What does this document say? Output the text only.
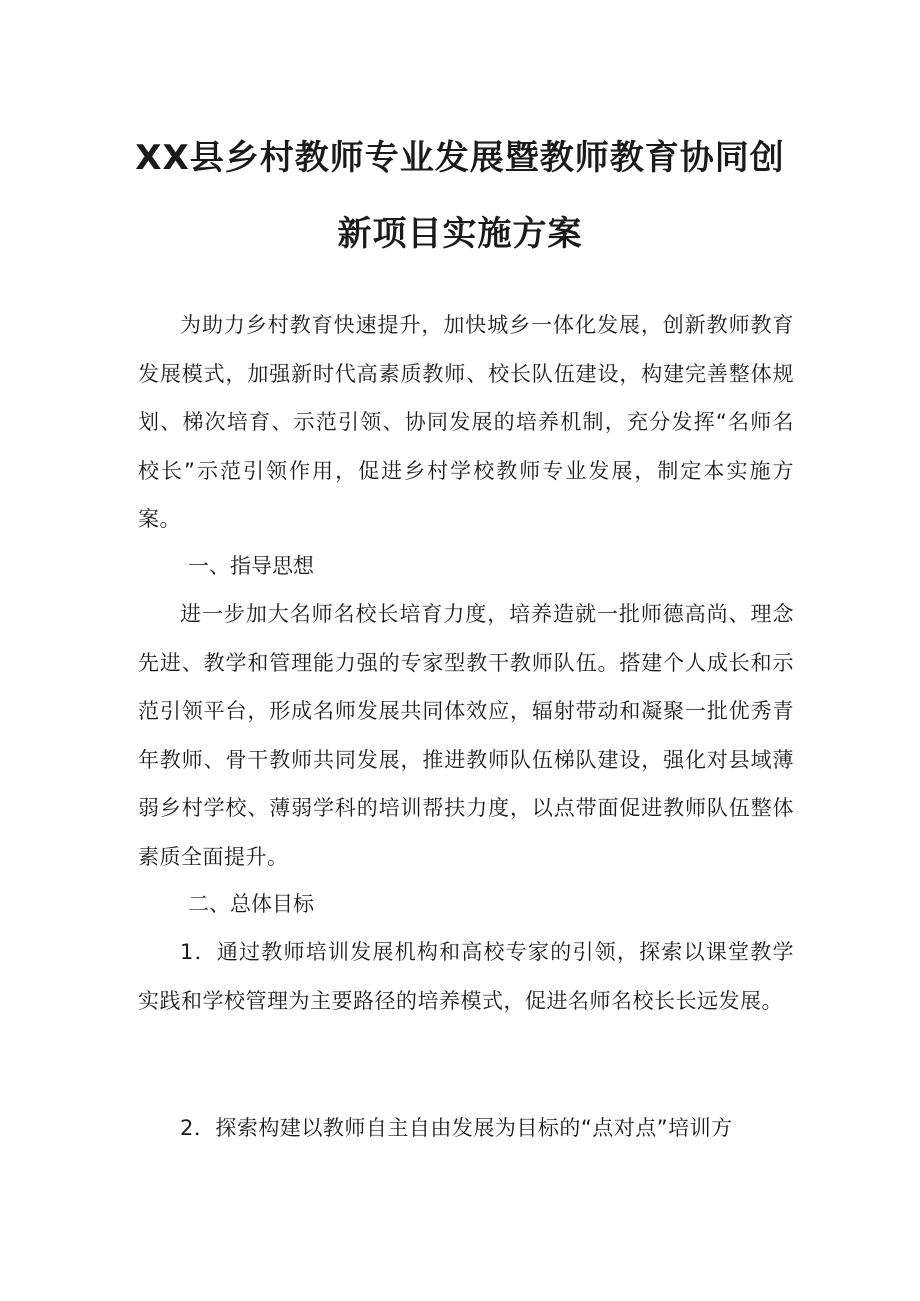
XX县乡村教师专业发展暨教师教育协同创
新项目实施方案

为助力乡村教育快速提升，加快城乡一体化发展，创新教师教育发展模式，加强新时代高素质教师、校长队伍建设，构建完善整体规划、梯次培育、示范引领、协同发展的培养机制，充分发挥“名师名校长”示范引领作用，促进乡村学校教师专业发展，制定本实施方案。

一、指导思想

进一步加大名师名校长培育力度，培养造就一批师德高尚、理念先进、教学和管理能力强的专家型教干教师队伍。搭建个人成长和示范引领平台，形成名师发展共同体效应，辐射带动和凝聚一批优秀青年教师、骨干教师共同发展，推进教师队伍梯队建设，强化对县域薄弱乡村学校、薄弱学科的培训帮扶力度，以点带面促进教师队伍整体素质全面提升。

二、总体目标

1．通过教师培训发展机构和高校专家的引领，探索以课堂教学实践和学校管理为主要路径的培养模式，促进名师名校长长远发展。

2．探索构建以教师自主自由发展为目标的“点对点”培训方
